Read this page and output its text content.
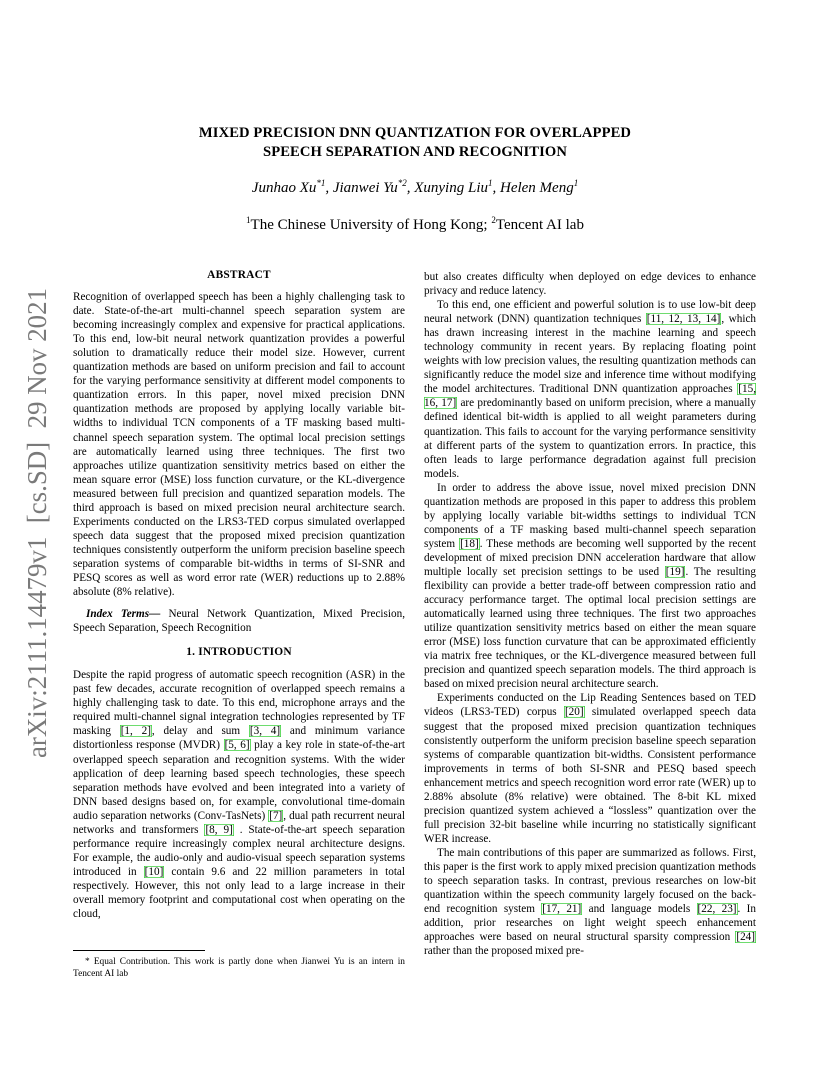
arXiv:2111.14479v1  [cs.SD]  29 Nov 2021
MIXED PRECISION DNN QUANTIZATION FOR OVERLAPPED
SPEECH SEPARATION AND RECOGNITION
Junhao Xu$^{*1}$, Jianwei Yu$^{*2}$, Xunying Liu$^1$, Helen Meng$^1$
$^1$The Chinese University of Hong Kong; $^2$Tencent AI lab
ABSTRACT

Recognition of overlapped speech has been a highly challenging task to date. State-of-the-art multi-channel speech separation system are becoming increasingly complex and expensive for practical applications. To this end, low-bit neural network quantization provides a powerful solution to dramatically reduce their model size. However, current quantization methods are based on uniform precision and fail to account for the varying performance sensitivity at different model components to quantization errors. In this paper, novel mixed precision DNN quantization methods are proposed by applying locally variable bit-widths to individual TCN components of a TF masking based multi-channel speech separation system. The optimal local precision settings are automatically learned using three techniques. The first two approaches utilize quantization sensitivity metrics based on either the mean square error (MSE) loss function curvature, or the KL-divergence measured between full precision and quantized separation models. The third approach is based on mixed precision neural architecture search. Experiments conducted on the LRS3-TED corpus simulated overlapped speech data suggest that the proposed mixed precision quantization techniques consistently outperform the uniform precision baseline speech separation systems of comparable bit-widths in terms of SI-SNR and PESQ scores as well as word error rate (WER) reductions up to 2.88% absolute (8% relative).

Index Terms— Neural Network Quantization, Mixed Precision, Speech Separation, Speech Recognition

1. INTRODUCTION

Despite the rapid progress of automatic speech recognition (ASR) in the past few decades, accurate recognition of overlapped speech remains a highly challenging task to date. To this end, microphone arrays and the required multi-channel signal integration technologies represented by TF masking [1, 2], delay and sum [3, 4] and minimum variance distortionless response (MVDR) [5, 6] play a key role in state-of-the-art overlapped speech separation and recognition systems. With the wider application of deep learning based speech technologies, these speech separation methods have evolved and been integrated into a variety of DNN based designs based on, for example, convolutional time-domain audio separation networks (Conv-TasNets) [7], dual path recurrent neural networks and transformers [8, 9] . State-of-the-art speech separation performance require increasingly complex neural architecture designs. For example, the audio-only and audio-visual speech separation systems introduced in [10] contain 9.6 and 22 million parameters in total respectively. However, this not only lead to a large increase in their overall memory footprint and computational cost when operating on the cloud,

* Equal Contribution. This work is partly done when Jianwei Yu is an intern in Tencent AI lab

but also creates difficulty when deployed on edge devices to enhance privacy and reduce latency.

To this end, one efficient and powerful solution is to use low-bit deep neural network (DNN) quantization techniques [11, 12, 13, 14], which has drawn increasing interest in the machine learning and speech technology community in recent years. By replacing floating point weights with low precision values, the resulting quantization methods can significantly reduce the model size and inference time without modifying the model architectures. Traditional DNN quantization approaches [15, 16, 17] are predominantly based on uniform precision, where a manually defined identical bit-width is applied to all weight parameters during quantization. This fails to account for the varying performance sensitivity at different parts of the system to quantization errors. In practice, this often leads to large performance degradation against full precision models.

In order to address the above issue, novel mixed precision DNN quantization methods are proposed in this paper to address this problem by applying locally variable bit-widths settings to individual TCN components of a TF masking based multi-channel speech separation system [18]. These methods are becoming well supported by the recent development of mixed precision DNN acceleration hardware that allow multiple locally set precision settings to be used [19]. The resulting flexibility can provide a better trade-off between compression ratio and accuracy performance target. The optimal local precision settings are automatically learned using three techniques. The first two approaches utilize quantization sensitivity metrics based on either the mean square error (MSE) loss function curvature that can be approximated efficiently via matrix free techniques, or the KL-divergence measured between full precision and quantized speech separation models. The third approach is based on mixed precision neural architecture search.

Experiments conducted on the Lip Reading Sentences based on TED videos (LRS3-TED) corpus [20] simulated overlapped speech data suggest that the proposed mixed precision quantization techniques consistently outperform the uniform precision baseline speech separation systems of comparable quantization bit-widths. Consistent performance improvements in terms of both SI-SNR and PESQ based speech enhancement metrics and speech recognition word error rate (WER) up to 2.88% absolute (8% relative) were obtained. The 8-bit KL mixed precision quantized system achieved a “lossless” quantization over the full precision 32-bit baseline while incurring no statistically significant WER increase.

The main contributions of this paper are summarized as follows. First, this paper is the first work to apply mixed precision quantization methods to speech separation tasks. In contrast, previous researches on low-bit quantization within the speech community largely focused on the back-end recognition system [17, 21] and language models [22, 23]. In addition, prior researches on light weight speech enhancement approaches were based on neural structural sparsity compression [24] rather than the proposed mixed pre-
